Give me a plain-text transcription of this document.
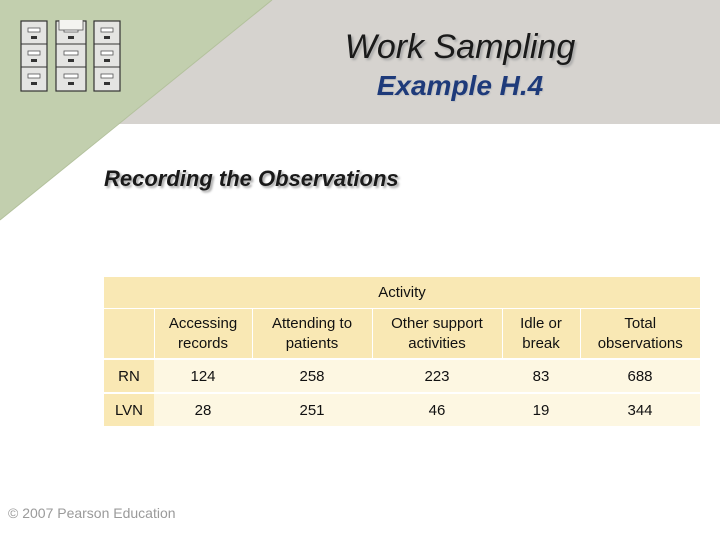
Work Sampling
Example H.4
Recording the Observations
Activity					
	Accessing records	Attending to patients	Other support activities	Idle or break	Total observations
RN	124	258	223	83	688
LVN	28	251	46	19	344
© 2007 Pearson Education
